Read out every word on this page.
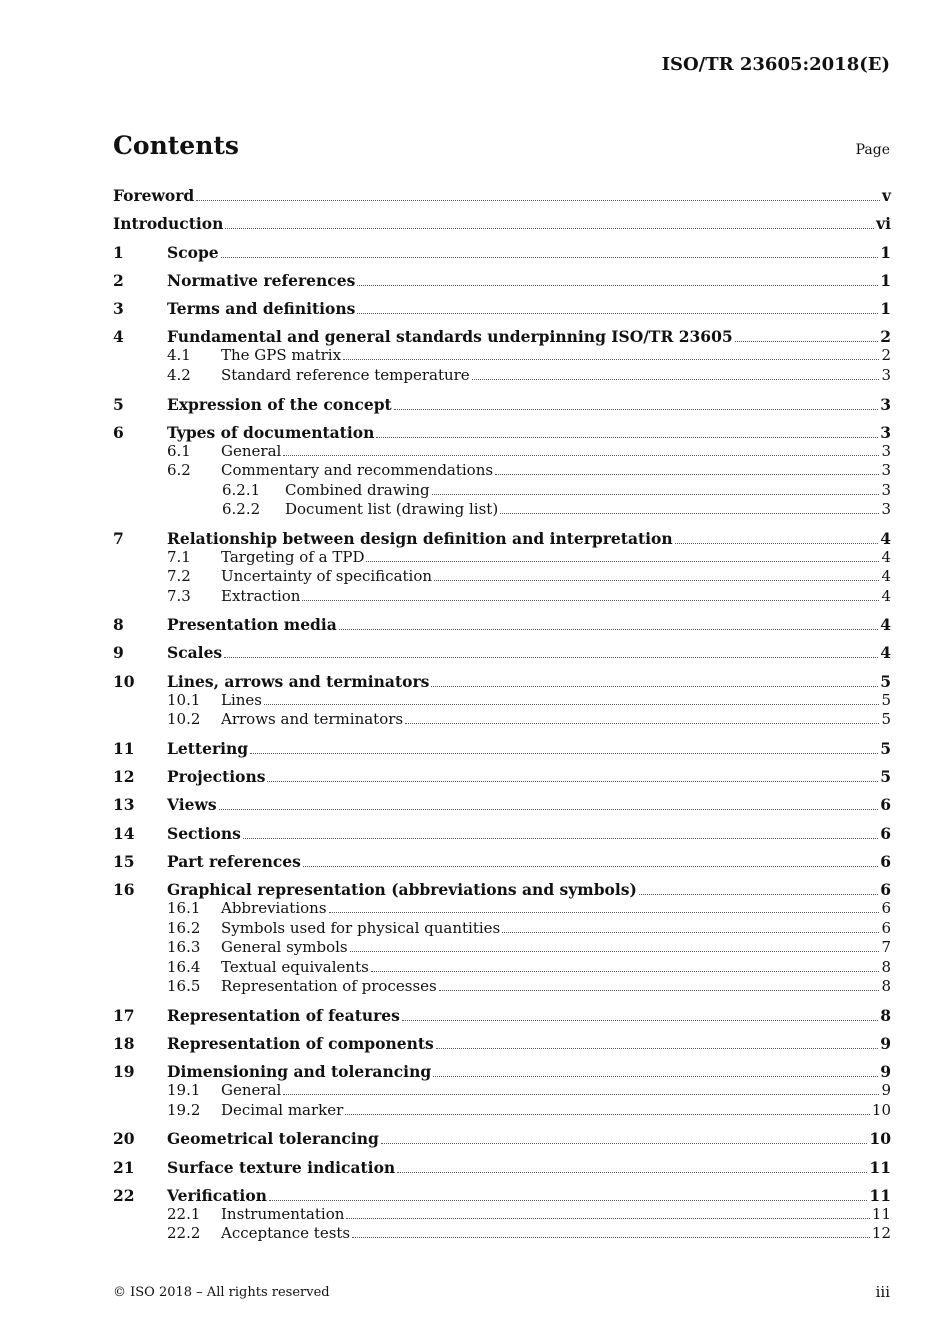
ISO/TR 23605:2018(E)
Contents	Page
Foreword	v
Introduction	vi
1	Scope	1
2	Normative references	1
3	Terms and definitions	1
4	Fundamental and general standards underpinning ISO/TR 23605	2
4.1	The GPS matrix	2
4.2	Standard reference temperature	3
5	Expression of the concept	3
6	Types of documentation	3
6.1	General	3
6.2	Commentary and recommendations	3
6.2.1	Combined drawing	3
6.2.2	Document list (drawing list)	3
7	Relationship between design definition and interpretation	4
7.1	Targeting of a TPD	4
7.2	Uncertainty of specification	4
7.3	Extraction	4
8	Presentation media	4
9	Scales	4
10	Lines, arrows and terminators	5
10.1	Lines	5
10.2	Arrows and terminators	5
11	Lettering	5
12	Projections	5
13	Views	6
14	Sections	6
15	Part references	6
16	Graphical representation (abbreviations and symbols)	6
16.1	Abbreviations	6
16.2	Symbols used for physical quantities	6
16.3	General symbols	7
16.4	Textual equivalents	8
16.5	Representation of processes	8
17	Representation of features	8
18	Representation of components	9
19	Dimensioning and tolerancing	9
19.1	General	9
19.2	Decimal marker	10
20	Geometrical tolerancing	10
21	Surface texture indication	11
22	Verification	11
22.1	Instrumentation	11
22.2	Acceptance tests	12
© ISO 2018 – All rights reserved	iii
